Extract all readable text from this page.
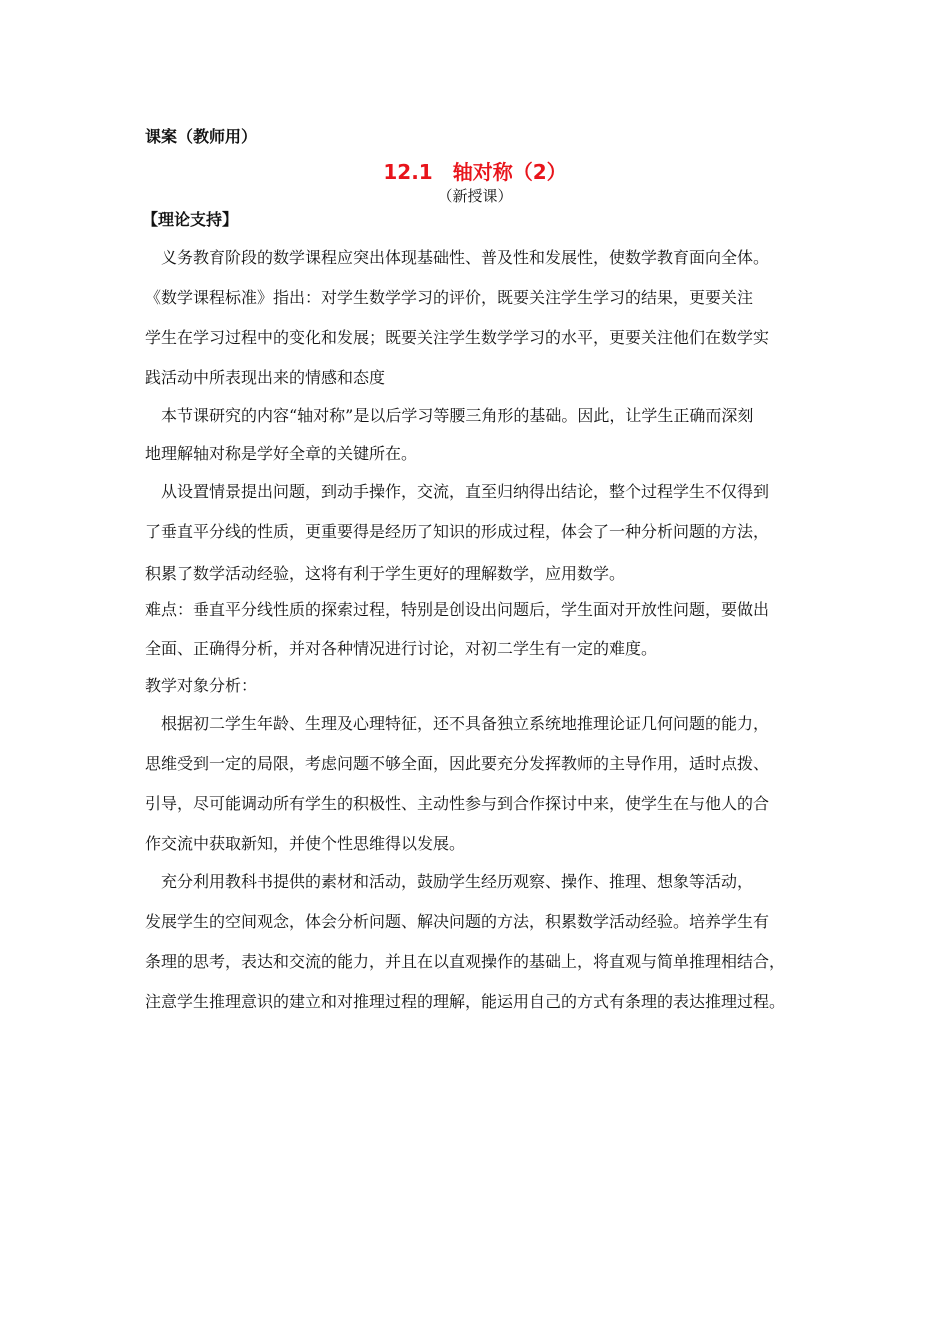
课案（教师用）

12.1　轴对称（2）

（新授课）

【理论支持】

　义务教育阶段的数学课程应突出体现基础性、普及性和发展性，使数学教育面向全体。

《数学课程标准》指出：对学生数学学习的评价，既要关注学生学习的结果，更要关注

学生在学习过程中的变化和发展；既要关注学生数学学习的水平，更要关注他们在数学实

践活动中所表现出来的情感和态度

　本节课研究的内容“轴对称”是以后学习等腰三角形的基础。因此，让学生正确而深刻

地理解轴对称是学好全章的关键所在。

　从设置情景提出问题，到动手操作，交流，直至归纳得出结论，整个过程学生不仅得到

了垂直平分线的性质，更重要得是经历了知识的形成过程，体会了一种分析问题的方法，

积累了数学活动经验，这将有利于学生更好的理解数学，应用数学。

难点：垂直平分线性质的探索过程，特别是创设出问题后，学生面对开放性问题，要做出

全面、正确得分析，并对各种情况进行讨论，对初二学生有一定的难度。

教学对象分析：

　根据初二学生年龄、生理及心理特征，还不具备独立系统地推理论证几何问题的能力，

思维受到一定的局限，考虑问题不够全面，因此要充分发挥教师的主导作用，适时点拨、

引导，尽可能调动所有学生的积极性、主动性参与到合作探讨中来，使学生在与他人的合

作交流中获取新知，并使个性思维得以发展。

　充分利用教科书提供的素材和活动，鼓励学生经历观察、操作、推理、想象等活动，

发展学生的空间观念，体会分析问题、解决问题的方法，积累数学活动经验。培养学生有

条理的思考，表达和交流的能力，并且在以直观操作的基础上，将直观与简单推理相结合，

注意学生推理意识的建立和对推理过程的理解，能运用自己的方式有条理的表达推理过程。
